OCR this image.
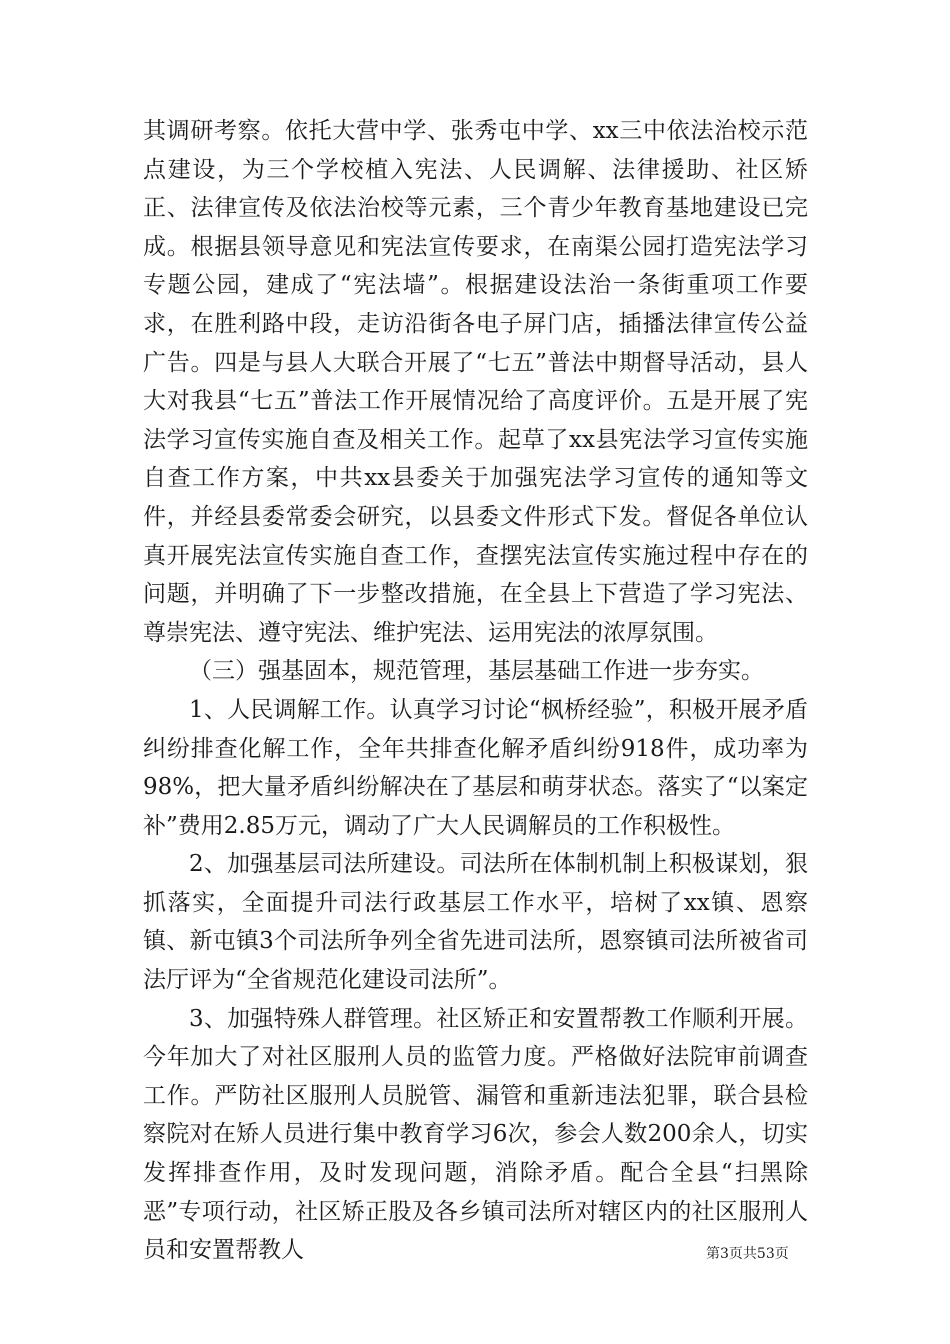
其调研考察。依托大营中学、张秀屯中学、xx三中依法治校示范点建设，为三个学校植入宪法、人民调解、法律援助、社区矫正、法律宣传及依法治校等元素，三个青少年教育基地建设已完成。根据县领导意见和宪法宣传要求，在南渠公园打造宪法学习专题公园，建成了“宪法墙”。根据建设法治一条街重项工作要求，在胜利路中段，走访沿街各电子屏门店，插播法律宣传公益广告。四是与县人大联合开展了“七五”普法中期督导活动，县人大对我县“七五”普法工作开展情况给了高度评价。五是开展了宪法学习宣传实施自查及相关工作。起草了xx县宪法学习宣传实施自查工作方案，中共xx县委关于加强宪法学习宣传的通知等文件，并经县委常委会研究，以县委文件形式下发。督促各单位认真开展宪法宣传实施自查工作，查摆宪法宣传实施过程中存在的问题，并明确了下一步整改措施，在全县上下营造了学习宪法、尊崇宪法、遵守宪法、维护宪法、运用宪法的浓厚氛围。

（三）强基固本，规范管理，基层基础工作进一步夯实。

1、人民调解工作。认真学习讨论“枫桥经验”，积极开展矛盾纠纷排查化解工作，全年共排查化解矛盾纠纷918件，成功率为98%，把大量矛盾纠纷解决在了基层和萌芽状态。落实了“以案定补”费用2.85万元，调动了广大人民调解员的工作积极性。

2、加强基层司法所建设。司法所在体制机制上积极谋划，狠抓落实，全面提升司法行政基层工作水平，培树了xx镇、恩察镇、新屯镇3个司法所争列全省先进司法所，恩察镇司法所被省司法厅评为“全省规范化建设司法所”。

3、加强特殊人群管理。社区矫正和安置帮教工作顺利开展。今年加大了对社区服刑人员的监管力度。严格做好法院审前调查工作。严防社区服刑人员脱管、漏管和重新违法犯罪，联合县检察院对在矫人员进行集中教育学习6次，参会人数200余人，切实发挥排查作用，及时发现问题，消除矛盾。配合全县“扫黑除恶”专项行动，社区矫正股及各乡镇司法所对辖区内的社区服刑人员和安置帮教人	第3页共53页
